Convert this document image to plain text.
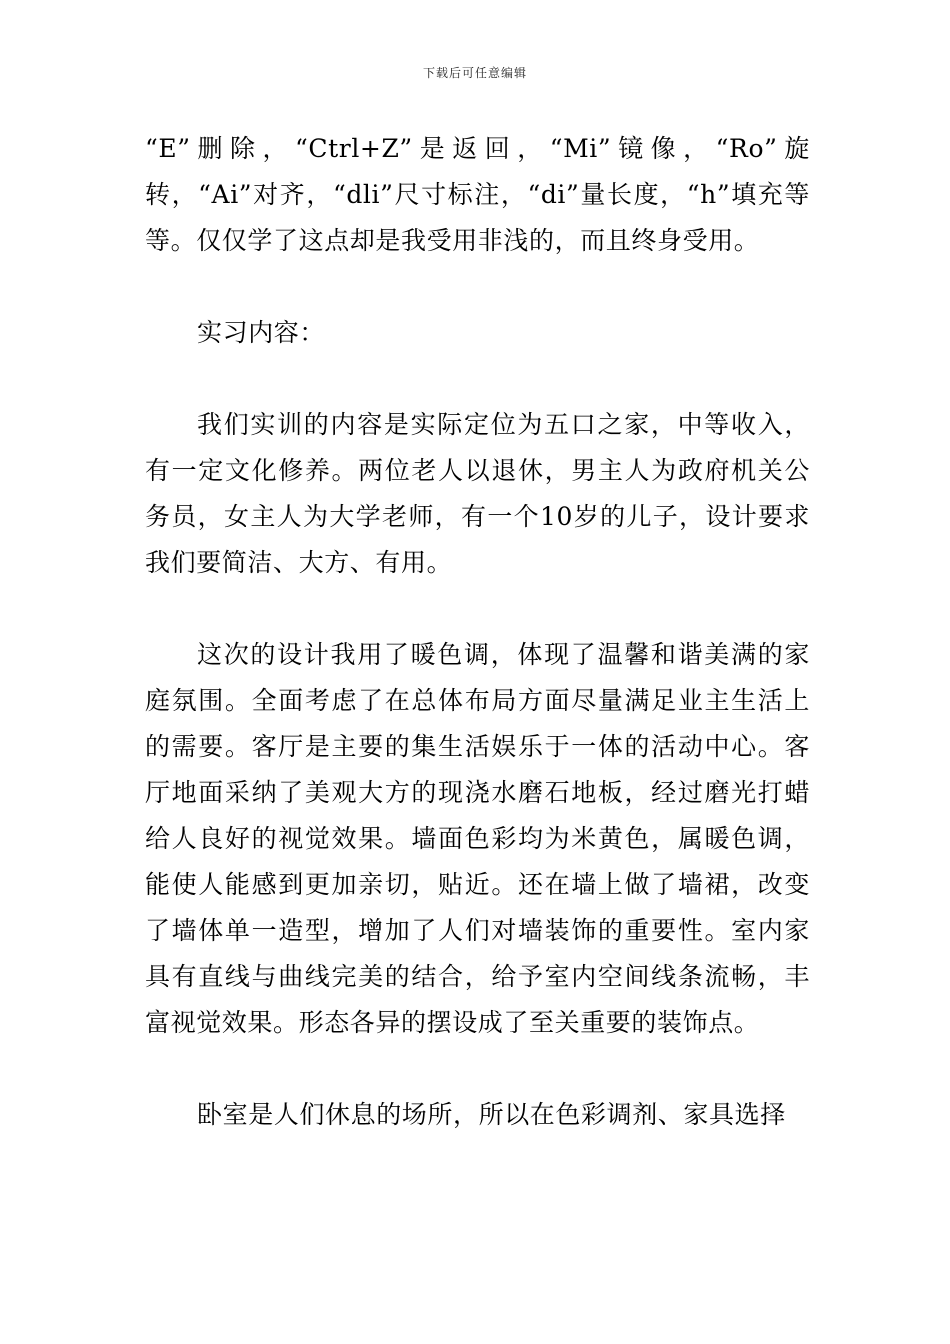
下载后可任意编辑

“E”删除，“Ctrl+Z”是返回，“Mi”镜像，“Ro”旋转，“Ai”对齐，“dli”尺寸标注，“di”量长度，“h”填充等等。仅仅学了这点却是我受用非浅的，而且终身受用。

实习内容：

我们实训的内容是实际定位为五口之家，中等收入，有一定文化修养。两位老人以退休，男主人为政府机关公务员，女主人为大学老师，有一个10岁的儿子，设计要求我们要简洁、大方、有用。

这次的设计我用了暖色调，体现了温馨和谐美满的家庭氛围。全面考虑了在总体布局方面尽量满足业主生活上的需要。客厅是主要的集生活娱乐于一体的活动中心。客厅地面采纳了美观大方的现浇水磨石地板，经过磨光打蜡给人良好的视觉效果。墙面色彩均为米黄色，属暖色调，能使人能感到更加亲切，贴近。还在墙上做了墙裙，改变了墙体单一造型，增加了人们对墙装饰的重要性。室内家具有直线与曲线完美的结合，给予室内空间线条流畅，丰富视觉效果。形态各异的摆设成了至关重要的装饰点。

卧室是人们休息的场所，所以在色彩调剂、家具选择
